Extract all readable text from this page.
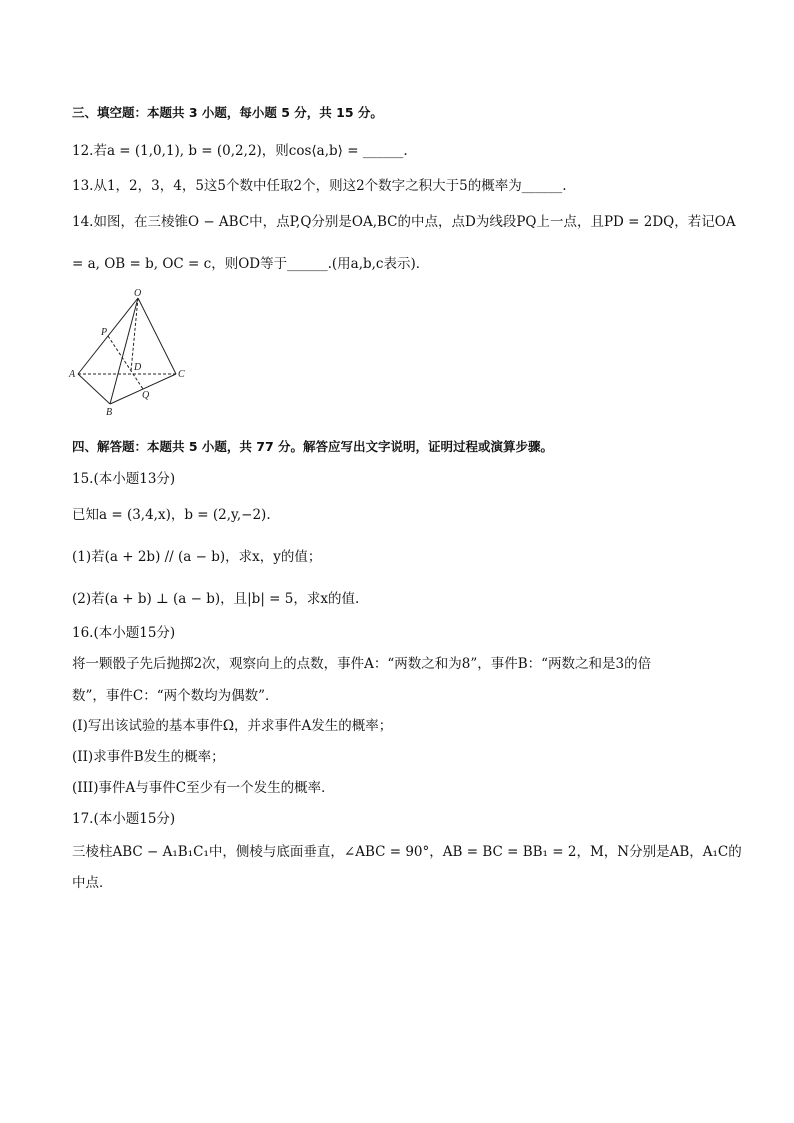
三、填空题：本题共 3 小题，每小题 5 分，共 15 分。
12.若a = (1,0,1), b = (0,2,2)，则cos⟨a,b⟩ = ______.
13.从1，2，3，4，5这5个数中任取2个，则这2个数字之积大于5的概率为______.
14.如图，在三棱锥O − ABC中，点P,Q分别是OA,BC的中点，点D为线段PQ上一点，且PD = 2DQ，若记OA
= a, OB = b, OC = c，则OD等于______.(用a,b,c表示)．
O
P
A
B
C
D
Q
四、解答题：本题共 5 小题，共 77 分。解答应写出文字说明，证明过程或演算步骤。
15.(本小题13分)
已知a = (3,4,x)，b = (2,y,−2).
(1)若(a + 2b) // (a − b)，求x，y的值；
(2)若(a + b) ⊥ (a − b)，且|b| = 5，求x的值.
16.(本小题15分)
将一颗骰子先后抛掷2次，观察向上的点数，事件A：“两数之和为8”，事件B：“两数之和是3的倍
数”，事件C：“两个数均为偶数”．
(I)写出该试验的基本事件Ω，并求事件A发生的概率；
(II)求事件B发生的概率；
(III)事件A与事件C至少有一个发生的概率．
17.(本小题15分)
三棱柱ABC − A₁B₁C₁中，侧棱与底面垂直，∠ABC = 90°，AB = BC = BB₁ = 2，M，N分别是AB，A₁C的
中点．
